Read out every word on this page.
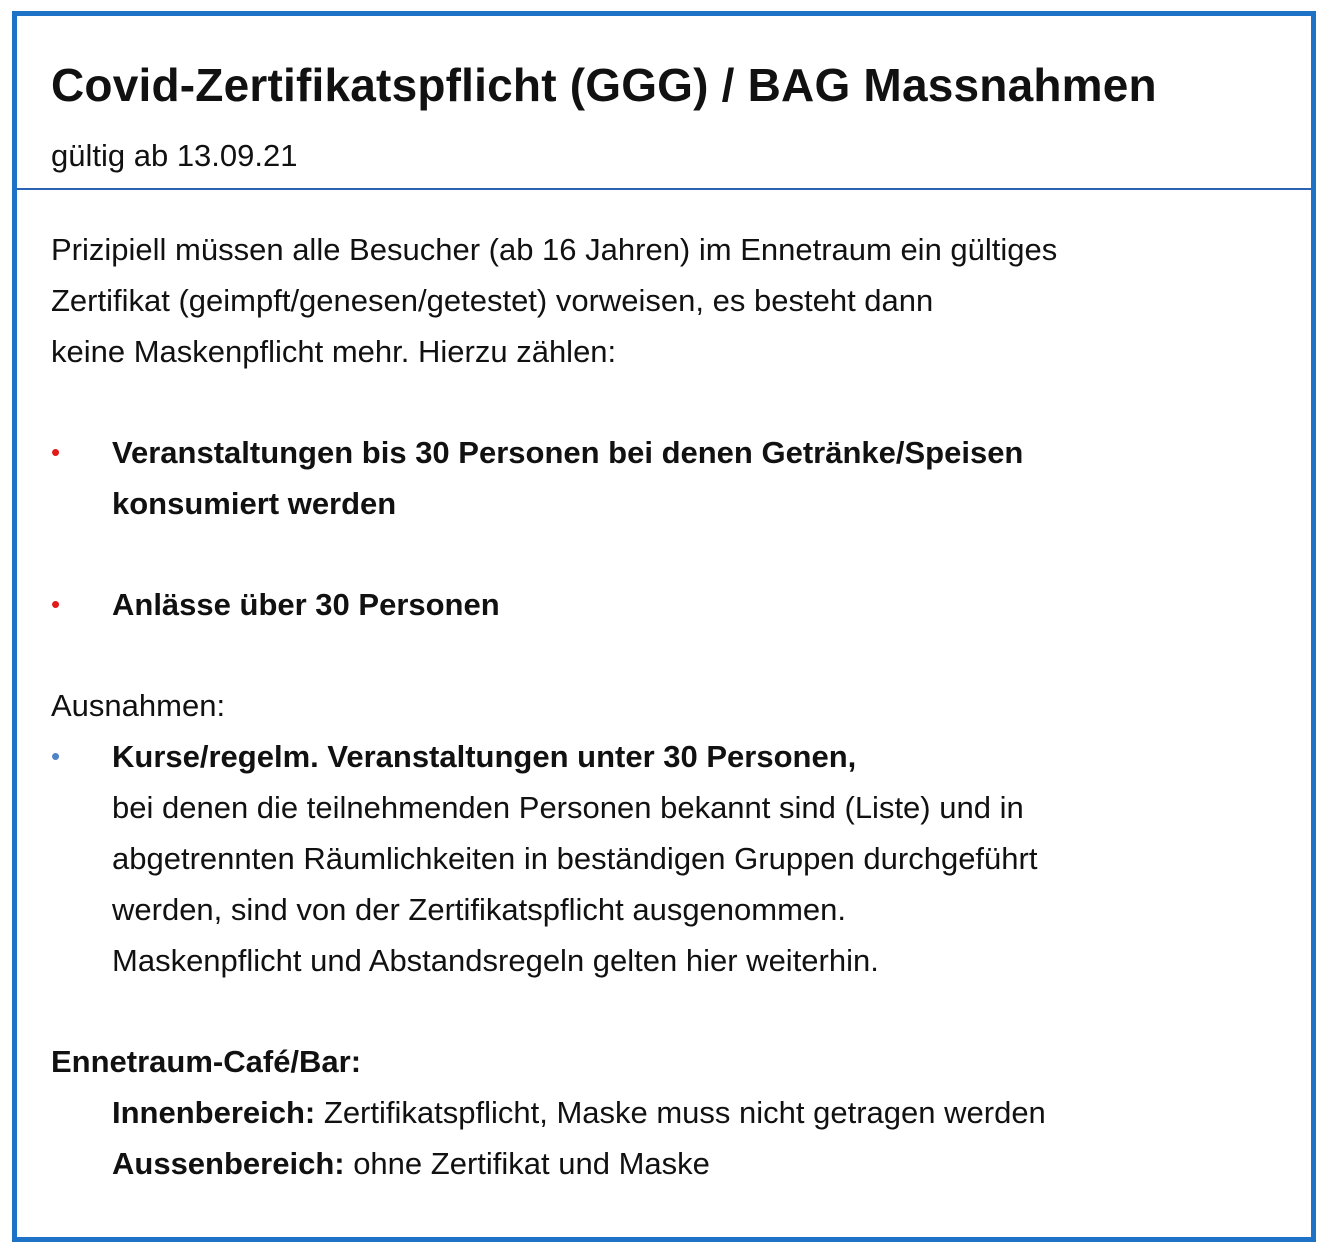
Covid-Zertifikatspflicht (GGG) / BAG Massnahmen
gültig ab 13.09.21
Prizipiell müssen alle Besucher (ab 16 Jahren) im Ennetraum ein gültiges
Zertifikat (geimpft/genesen/getestet) vorweisen, es besteht dann
keine Maskenpflicht mehr. Hierzu zählen:
•	Veranstaltungen bis 30 Personen bei denen Getränke/Speisen
konsumiert werden
•	Anlässe über 30 Personen
Ausnahmen:
•	Kurse/regelm. Veranstaltungen unter 30 Personen,
bei denen die teilnehmenden Personen bekannt sind (Liste) und in
abgetrennten Räumlichkeiten in beständigen Gruppen durchgeführt
werden, sind von der Zertifikatspflicht ausgenommen.
Maskenpflicht und Abstandsregeln gelten hier weiterhin.
Ennetraum-Café/Bar:
Innenbereich: Zertifikatspflicht, Maske muss nicht getragen werden
Aussenbereich: ohne Zertifikat und Maske
